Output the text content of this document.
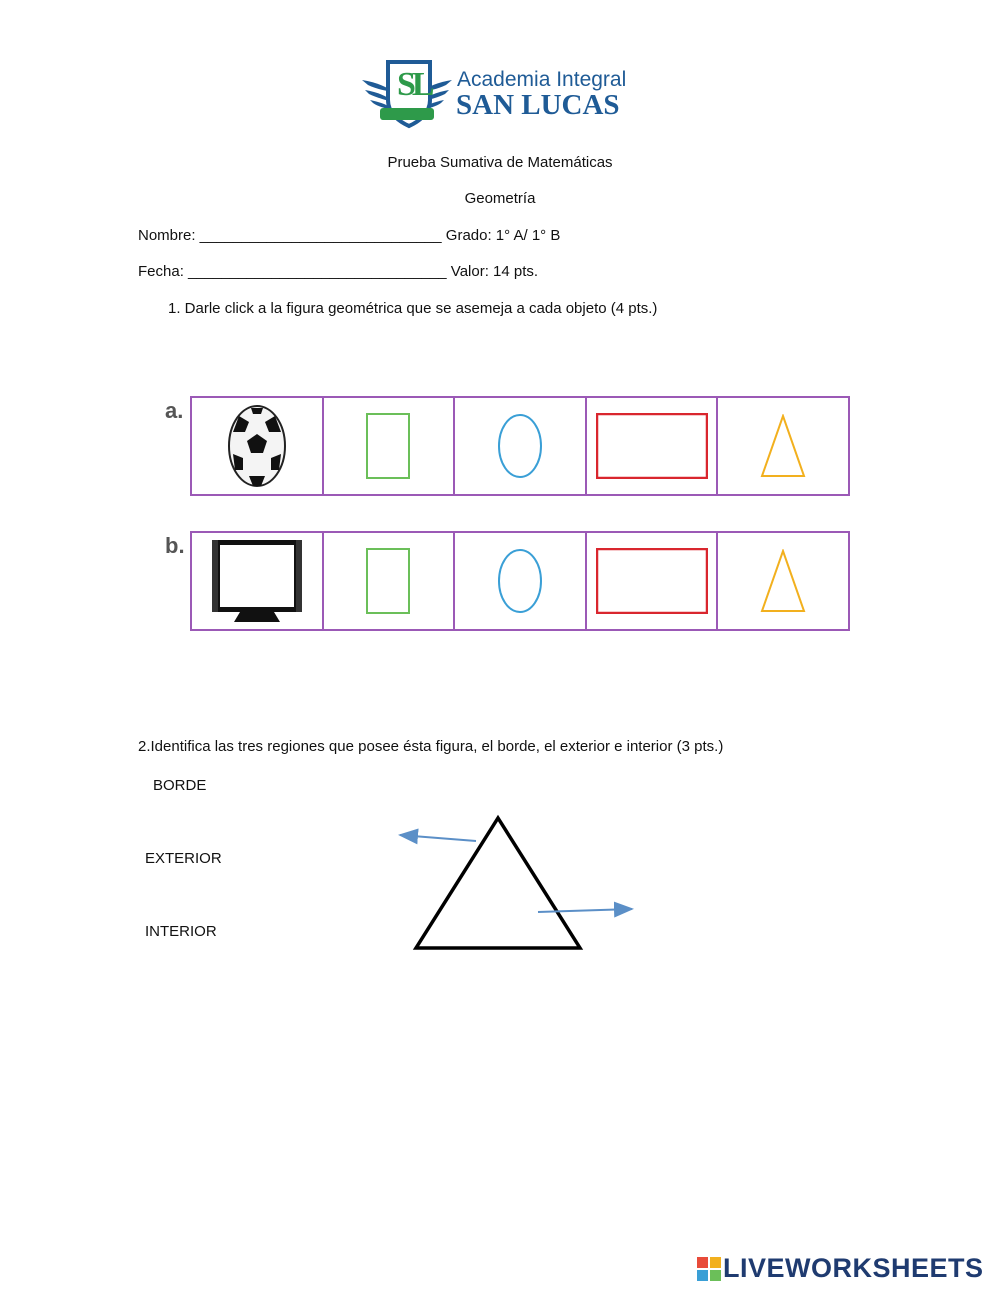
SL Academia Integral
SAN LUCAS
Prueba Sumativa de Matemáticas
Geometría
Nombre: _____________________________ Grado: 1° A/ 1° B
Fecha: _______________________________ Valor: 14 pts.
1. Darle click a la figura geométrica que se asemeja a cada objeto (4 pts.)
a.
b.
2.Identifica las tres regiones que posee ésta figura, el borde, el exterior e interior (3 pts.)
BORDE
EXTERIOR
INTERIOR
LIVEWORKSHEETS
